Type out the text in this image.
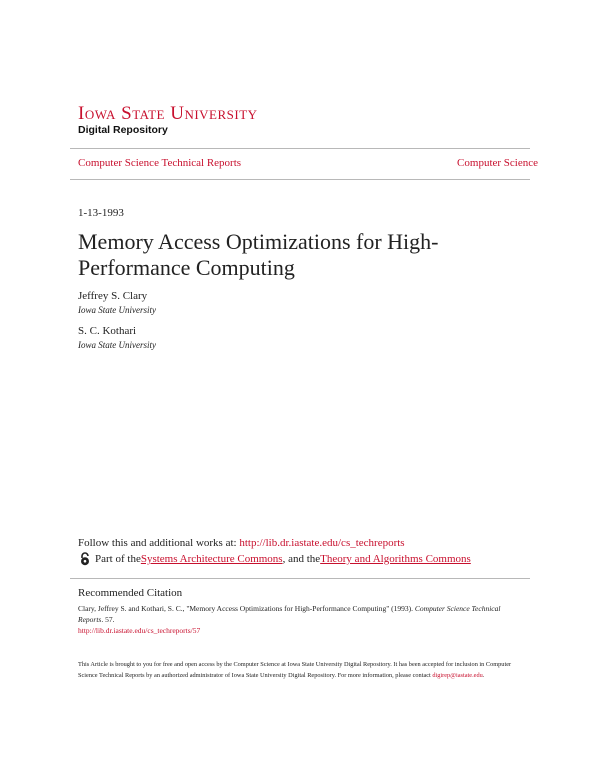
Iowa State University
Digital Repository
Computer Science Technical Reports	Computer Science
1-13-1993
Memory Access Optimizations for High-Performance Computing
Jeffrey S. Clary
Iowa State University
S. C. Kothari
Iowa State University
Follow this and additional works at: http://lib.dr.iastate.edu/cs_techreports
Part of the Systems Architecture Commons , and the Theory and Algorithms Commons
Recommended Citation
Clary, Jeffrey S. and Kothari, S. C., "Memory Access Optimizations for High-Performance Computing" (1993). Computer Science Technical Reports. 57.
http://lib.dr.iastate.edu/cs_techreports/57
This Article is brought to you for free and open access by the Computer Science at Iowa State University Digital Repository. It has been accepted for inclusion in Computer Science Technical Reports by an authorized administrator of Iowa State University Digital Repository. For more information, please contact digirep@iastate.edu.
